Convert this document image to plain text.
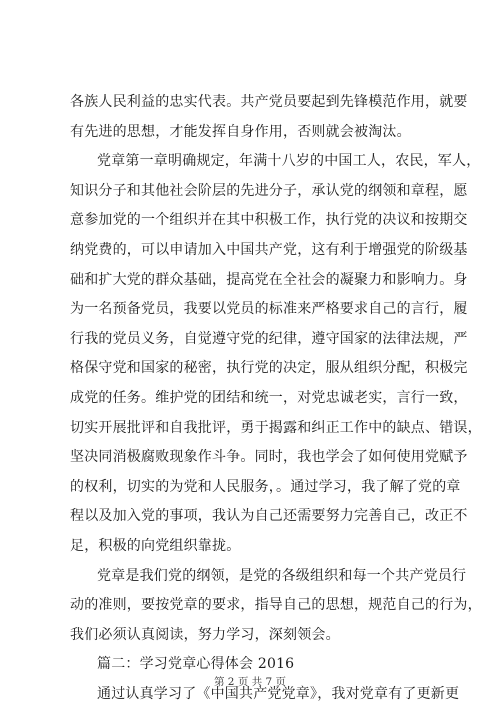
各族人民利益的忠实代表。共产党员要起到先锋模范作用，就要
有先进的思想，才能发挥自身作用，否则就会被淘汰。
党章第一章明确规定，年满十八岁的中国工人，农民，军人，
知识分子和其他社会阶层的先进分子，承认党的纲领和章程，愿
意参加党的一个组织并在其中积极工作，执行党的决议和按期交
纳党费的，可以申请加入中国共产党，这有利于增强党的阶级基
础和扩大党的群众基础，提高党在全社会的凝聚力和影响力。身
为一名预备党员，我要以党员的标准来严格要求自己的言行，履
行我的党员义务，自觉遵守党的纪律，遵守国家的法律法规，严
格保守党和国家的秘密，执行党的决定，服从组织分配，积极完
成党的任务。维护党的团结和统一，对党忠诚老实，言行一致，
切实开展批评和自我批评，勇于揭露和纠正工作中的缺点、错误，
坚决同消极腐败现象作斗争。同时，我也学会了如何使用党赋予
的权利，切实的为党和人民服务，。通过学习，我了解了党的章
程以及加入党的事项，我认为自己还需要努力完善自己，改正不
足，积极的向党组织靠拢。
党章是我们党的纲领，是党的各级组织和每一个共产党员行
动的准则，要按党章的要求，指导自己的思想，规范自己的行为，
我们必须认真阅读，努力学习，深刻领会。
篇二：学习党章心得体会 2016
通过认真学习了《中国共产党党章》，我对党章有了更新更
第 2 页 共 7 页
